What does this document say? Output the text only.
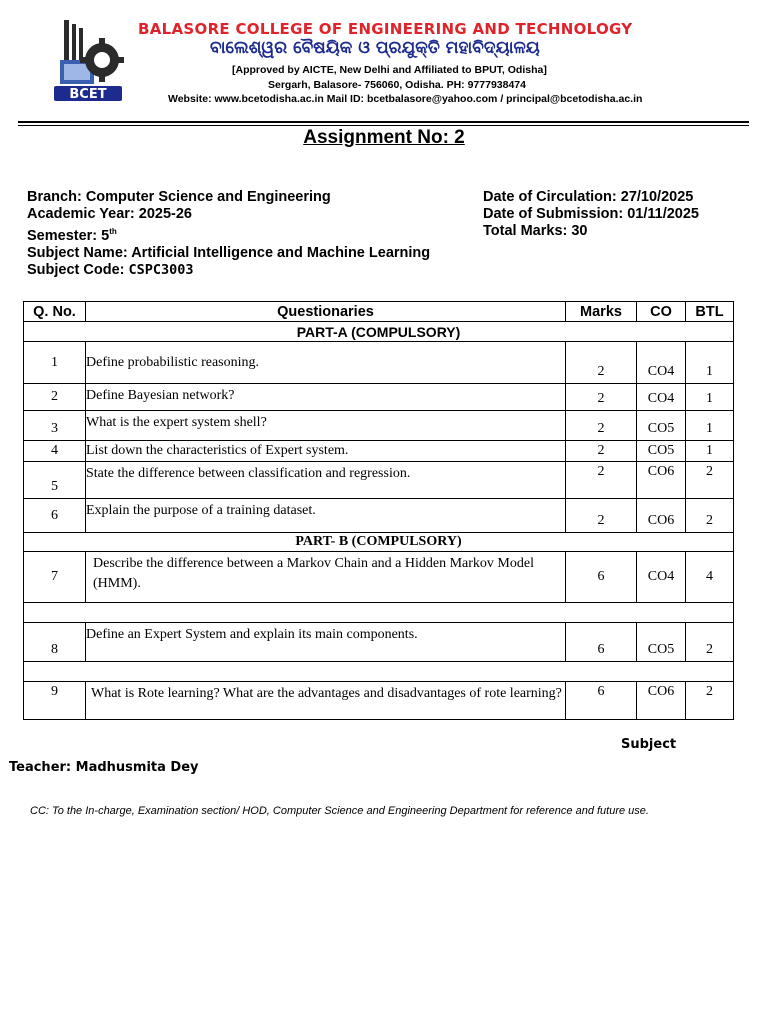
BCET
BALASORE COLLEGE OF ENGINEERING AND TECHNOLOGY
ବାଲେଶ୍ୱର ବୈଷୟିକ ଓ ପ୍ରଯୁକ୍ତି ମହାବିଦ୍ୟାଳୟ
[Approved by AICTE, New Delhi and Affiliated to BPUT, Odisha]
Sergarh, Balasore- 756060, Odisha. PH: 9777938474
Website: www.bcetodisha.ac.in Mail ID: bcetbalasore@yahoo.com / principal@bcetodisha.ac.in
Assignment No: 2
Branch: Computer Science and Engineering
Academic Year: 2025-26
Semester: 5th
Subject Name: Artificial Intelligence and Machine Learning
Subject Code: CSPC3003
Date of Circulation: 27/10/2025
Date of Submission: 01/11/2025
Total Marks: 30
Q. No.	Questionaries	Marks	CO	BTL
PART-A (COMPULSORY)				
1	Define probabilistic reasoning.	2	CO4	1
2	Define Bayesian network?	2	CO4	1
3	What is the expert system shell?	2	CO5	1
4	List down the characteristics of Expert system.	2	CO5	1
5	State the difference between classification and regression.	2	CO6	2
6	Explain the purpose of a training dataset.	2	CO6	2
PART- B (COMPULSORY)				
7	Describe the difference between a Markov Chain and a Hidden Markov Model (HMM).	6	CO4	4

8	Define an Expert System and explain its main components.	6	CO5	2

9	What is Rote learning? What are the advantages and disadvantages of rote learning?	6	CO6	2
Subject
Teacher: Madhusmita Dey
CC: To the In-charge, Examination section/ HOD, Computer Science and Engineering Department for reference and future use.
